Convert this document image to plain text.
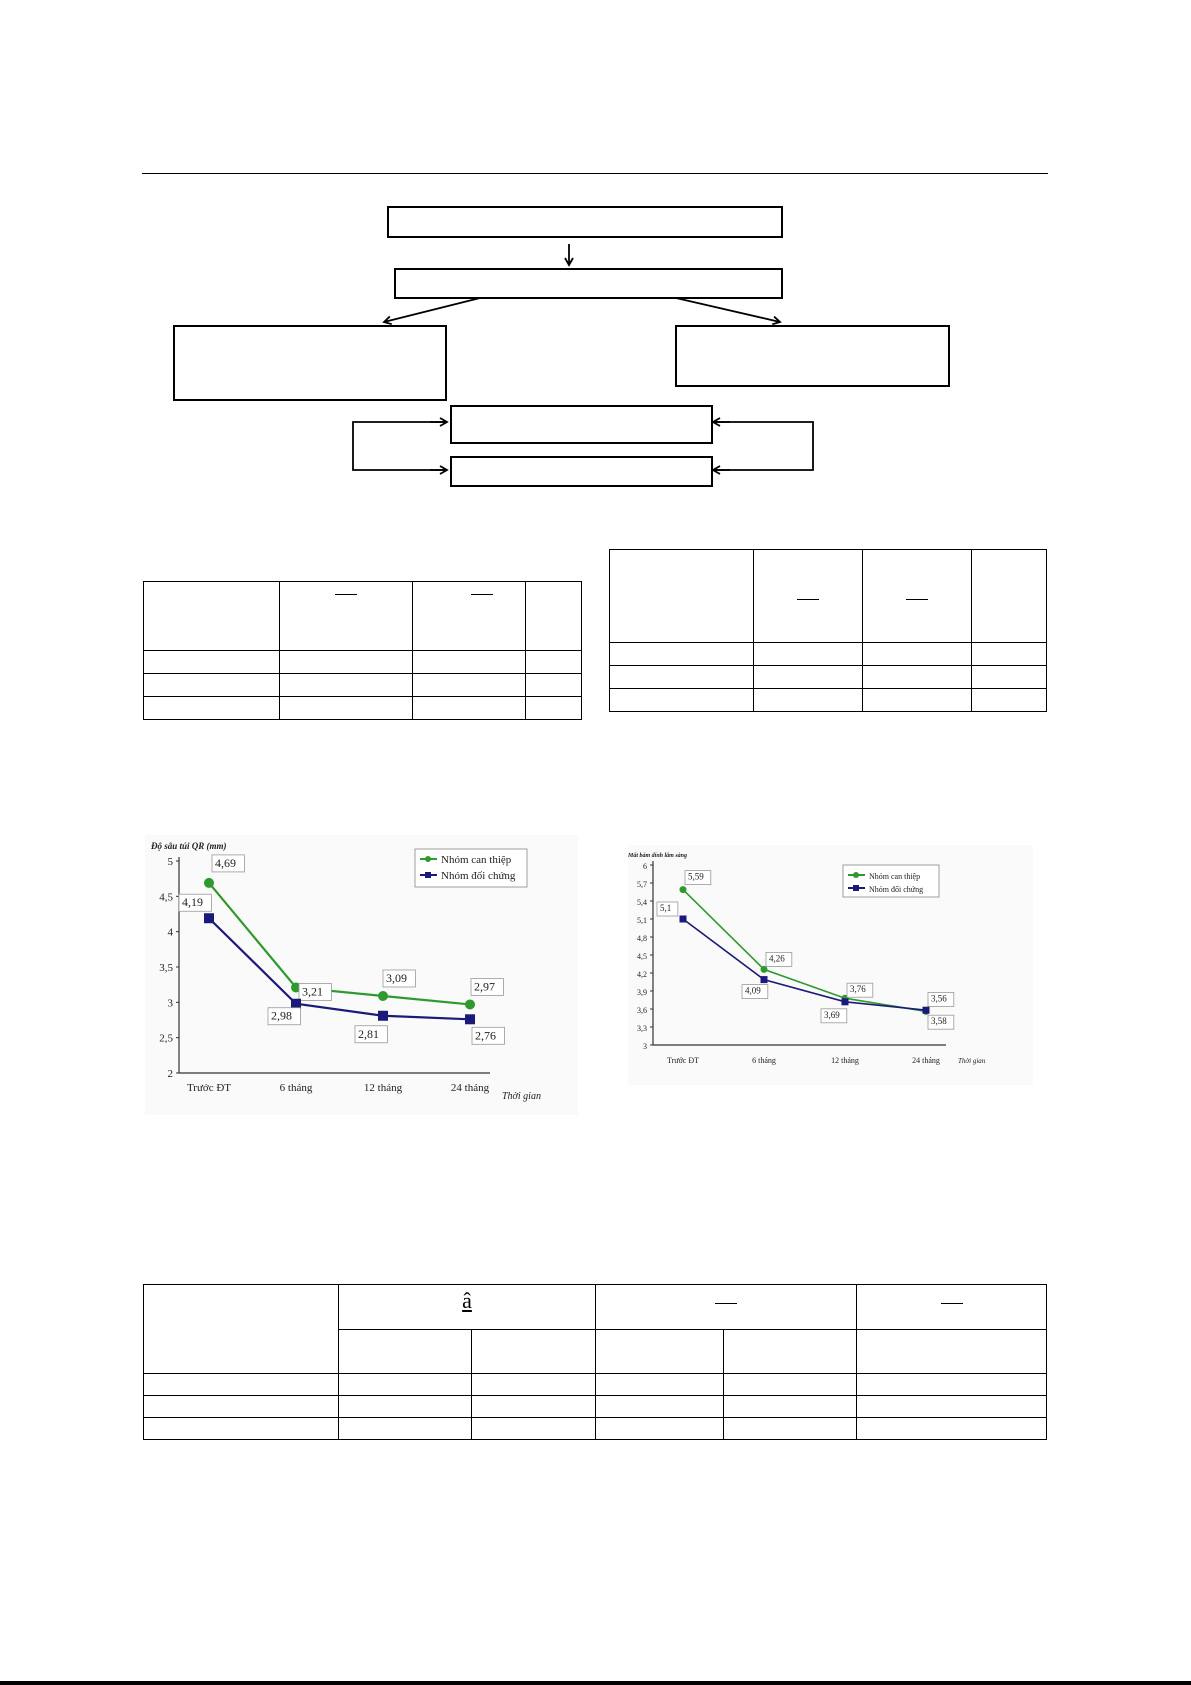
2
2,5
3
3,5
4
4,5
5
Trước ĐT	6 tháng	12 tháng	24 tháng
Độ sâu túi QR (mm)
Thời gian
4,69
3,21
3,09
2,97
4,19
2,98
2,81	2,76
Nhóm can thiệp
Nhóm đối chứng
3
3,3
3,6
3,9
4,2
4,5
4,8
5,1
5,4
5,7
6
Trước ĐT	6 tháng	12 tháng	24 tháng
Mất bám dính lâm sàng
Thời gian
5,59
4,26
3,76
3,56
5,1
4,09
3,69
3,58
Nhóm can thiệp
Nhóm đối chứng
	â				
